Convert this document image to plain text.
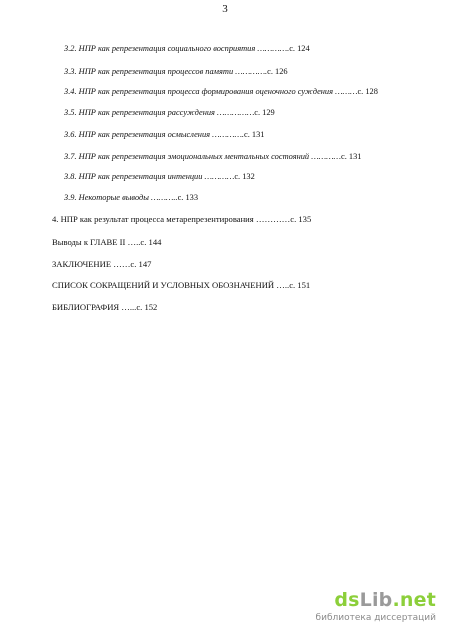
3
3.2. НПР как репрезентация социального восприятия ………….с. 124
3.3. НПР как репрезентация процессов памяти ………….с. 126
3.4. НПР как репрезентация процесса формирования оценочного суждения ………с. 128
3.5. НПР как репрезентация рассуждения ……………с. 129
3.6. НПР как репрезентация осмысления ………….с. 131
3.7. НПР как репрезентация эмоциональных ментальных состояний …………с. 131
3.8. НПР как репрезентация интенции …………с. 132
3.9. Некоторые выводы ………..с. 133
4. НПР как результат процесса метарепрезентирования …………с. 135
Выводы к ГЛАВЕ II …..с. 144
ЗАКЛЮЧЕНИЕ ……с. 147
СПИСОК СОКРАЩЕНИЙ И УСЛОВНЫХ ОБОЗНАЧЕНИЙ …..с. 151
БИБЛИОГРАФИЯ …...с. 152
dsLib.net
библиотека диссертаций
